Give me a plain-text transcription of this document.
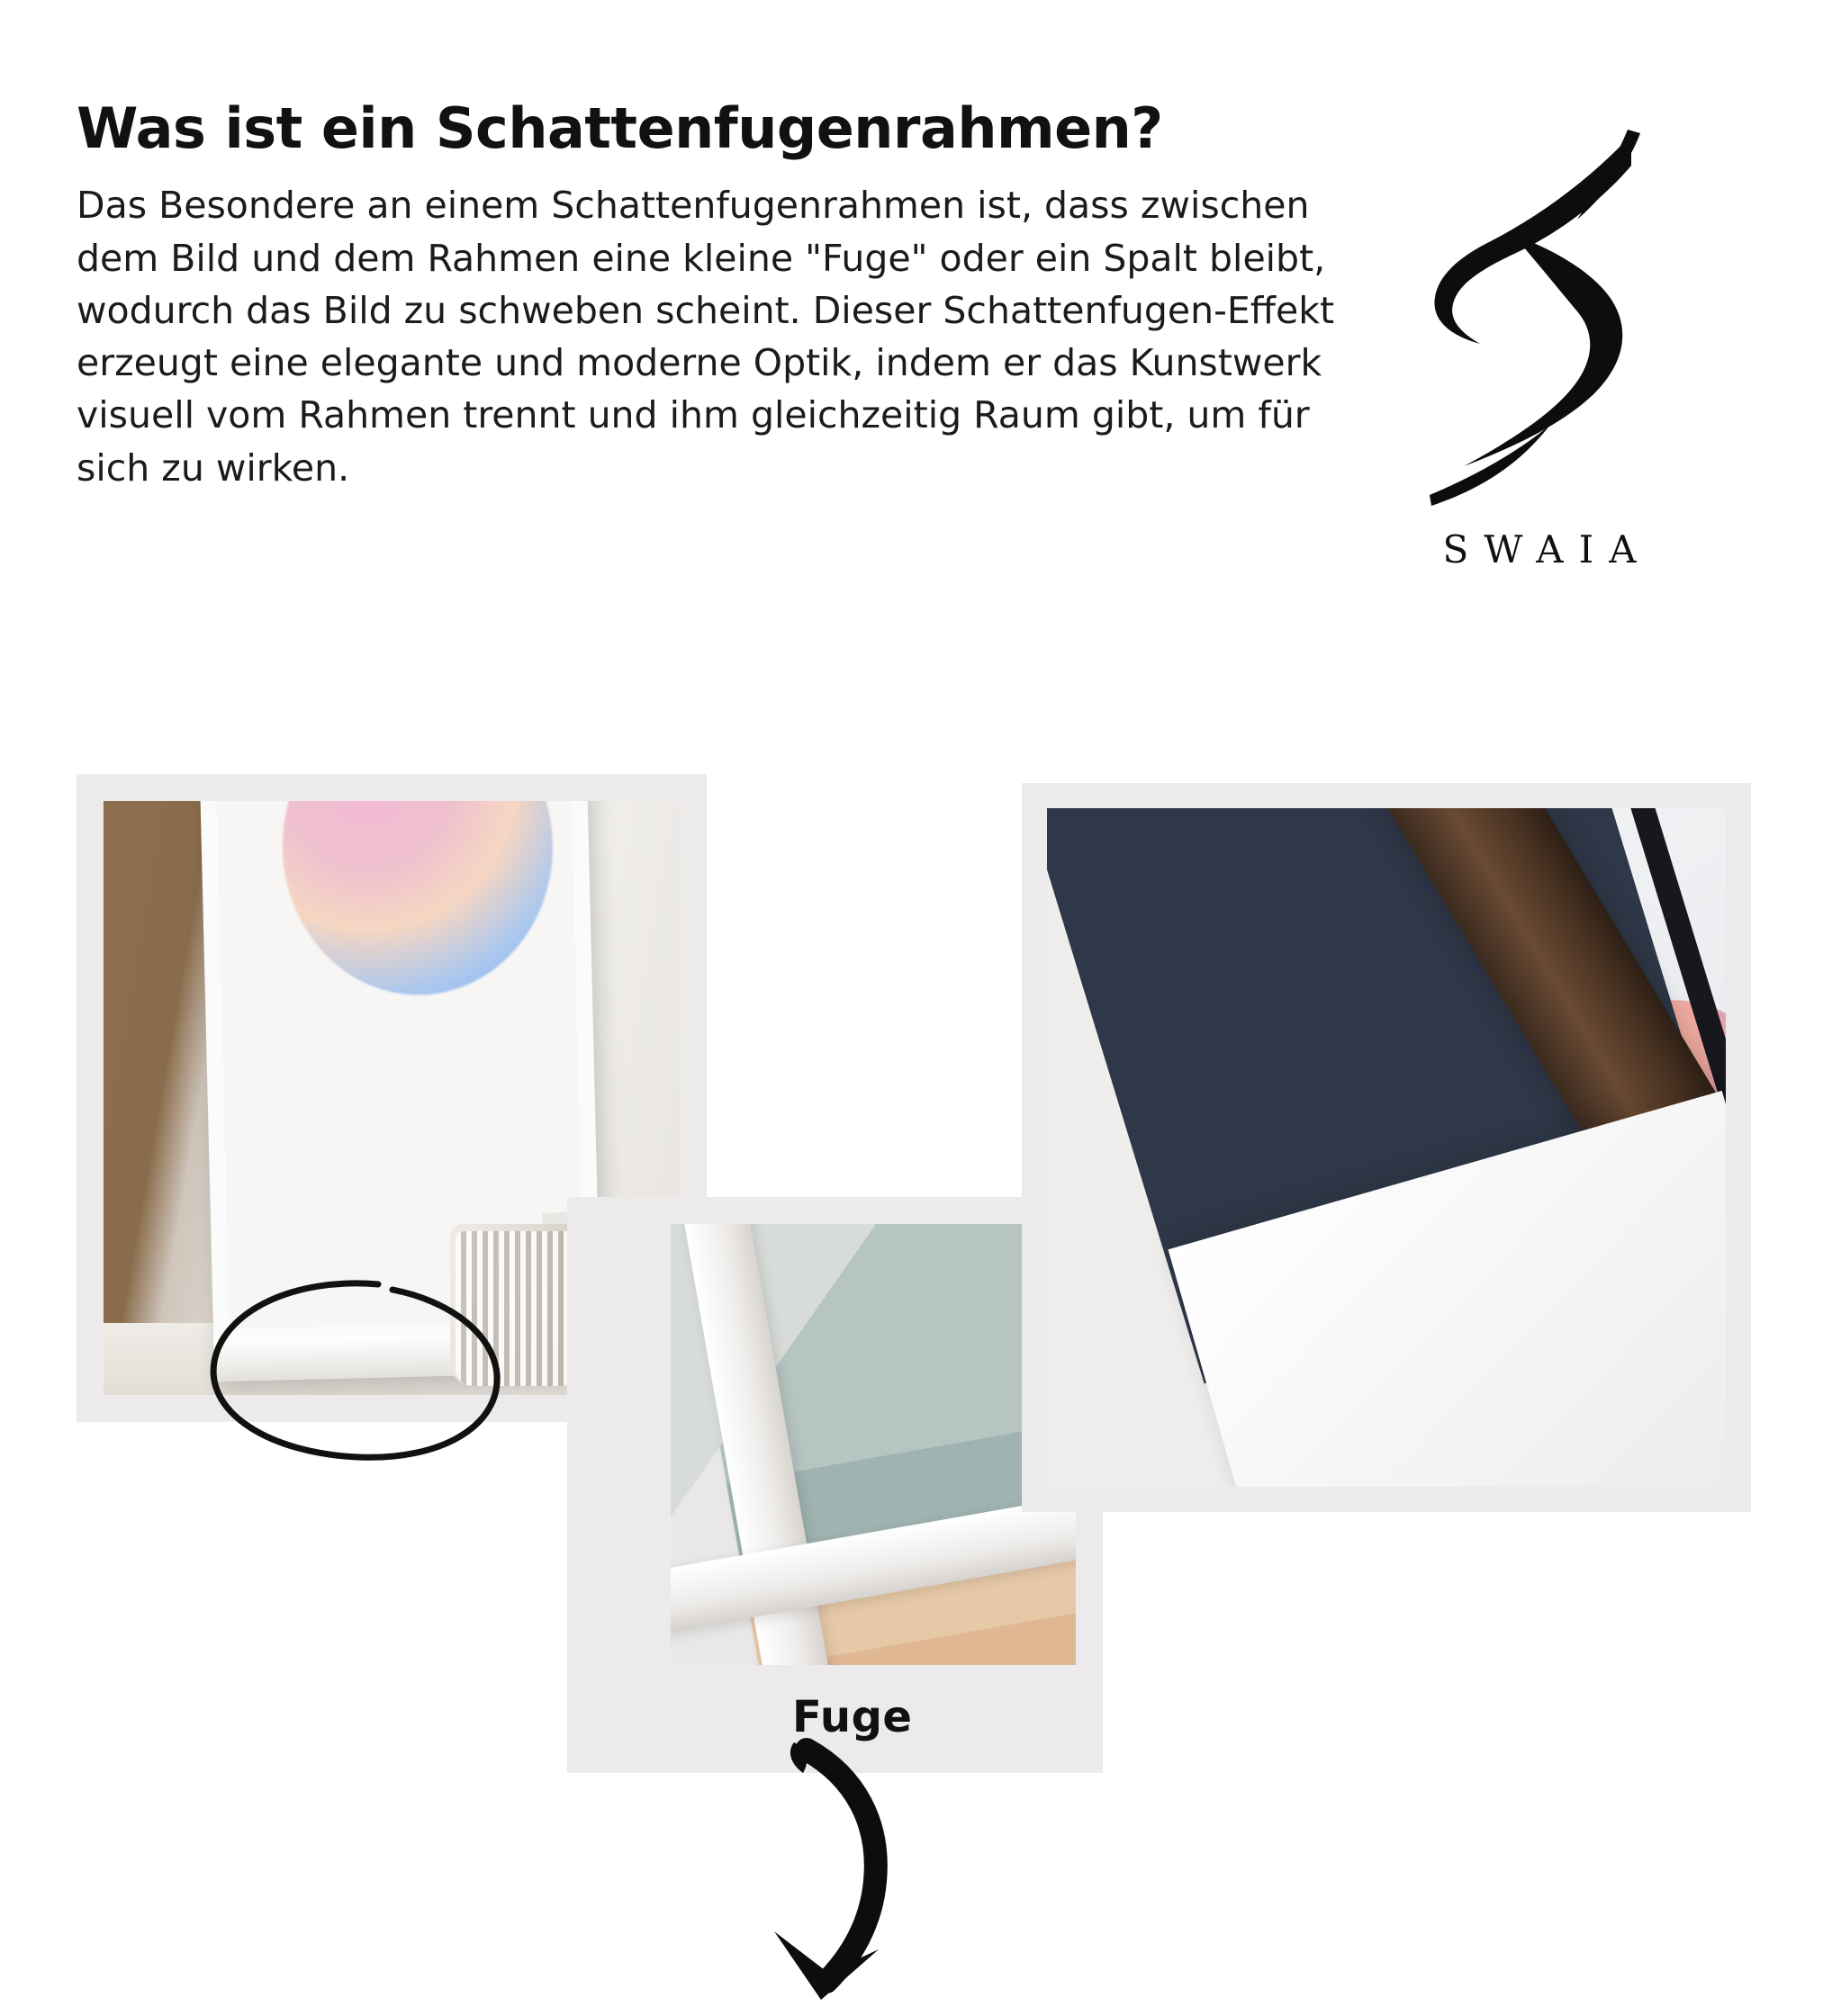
Was ist ein Schattenfugenrahmen?

Das Besondere an einem Schattenfugenrahmen ist, dass zwischen dem Bild und dem Rahmen eine kleine "Fuge" oder ein Spalt bleibt, wodurch das Bild zu schweben scheint. Dieser Schattenfugen-Effekt erzeugt eine elegante und moderne Optik, indem er das Kunstwerk visuell vom Rahmen trennt und ihm gleichzeitig Raum gibt, um für sich zu wirken.

SWAIA
Fuge
